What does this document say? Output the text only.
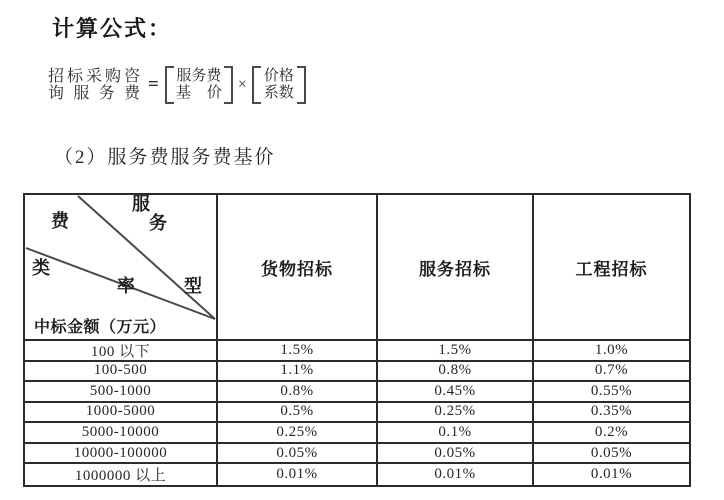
计算公式：
招标采购咨
询服务费 = 服务费
基价 × 价格
系数
（2）服务费服务费基价
服
务
费
类
率	型
中标金额（万元）
货物招标	服务招标	工程招标
100 以下	1.5%	1.5%	1.0%
100-500	1.1%	0.8%	0.7%
500-1000	0.8%	0.45%	0.55%
1000-5000	0.5%	0.25%	0.35%
5000-10000	0.25%	0.1%	0.2%
10000-100000	0.05%	0.05%	0.05%
1000000 以上	0.01%	0.01%	0.01%
